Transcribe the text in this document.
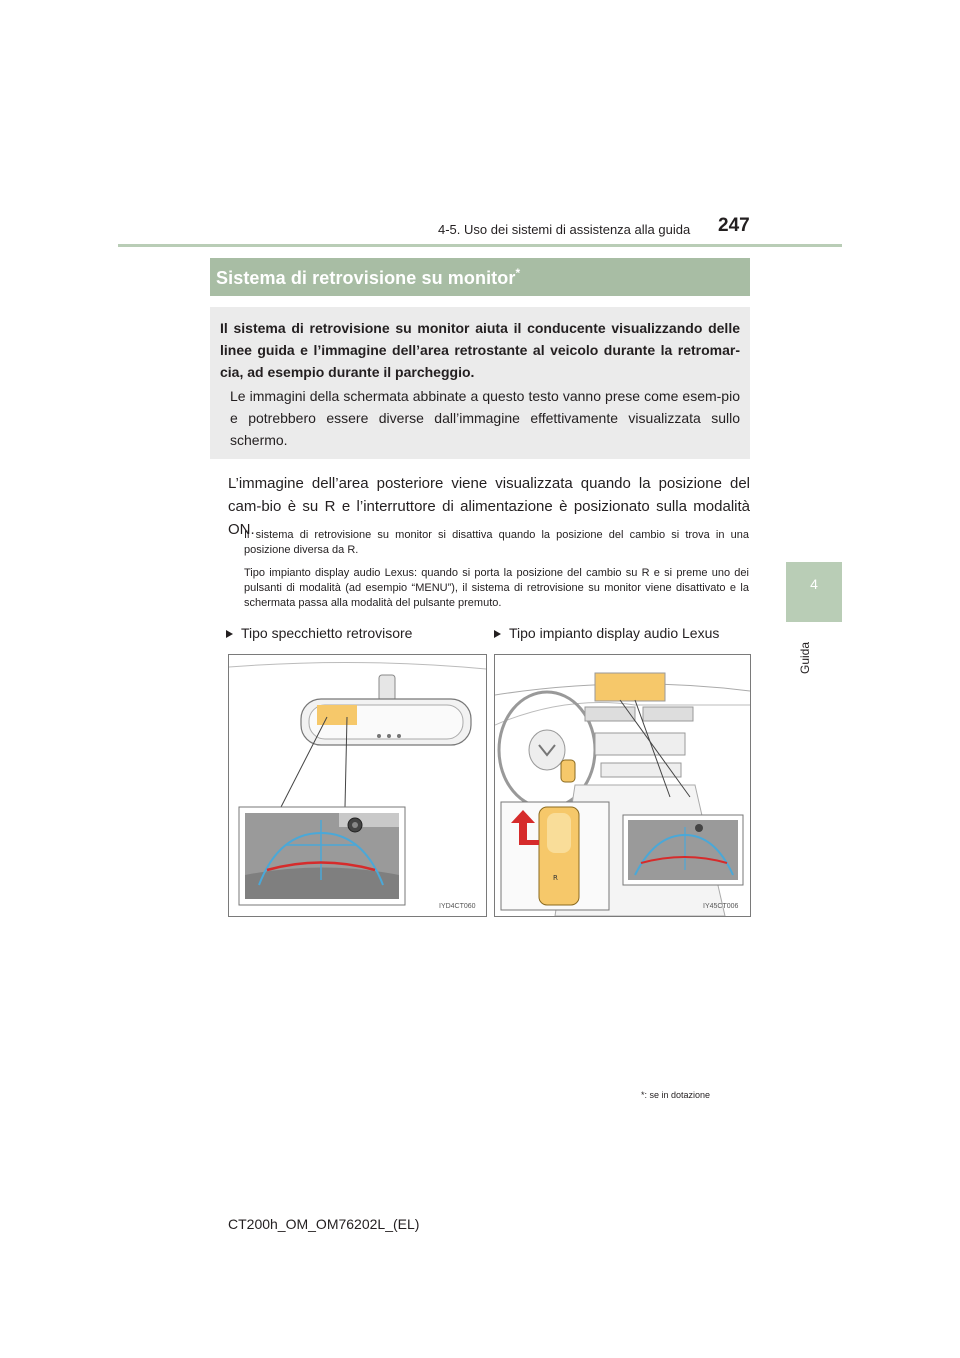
4-5. Uso dei sistemi di assistenza alla guida 247
4
Guida
Sistema di retrovisione su monitor*
Il sistema di retrovisione su monitor aiuta il conducente visualizzando delle linee guida e l’immagine dell’area retrostante al veicolo durante la retromar-cia, ad esempio durante il parcheggio.
Le immagini della schermata abbinate a questo testo vanno prese come esem-pio e potrebbero essere diverse dall’immagine effettivamente visualizzata sullo schermo.
L’immagine dell’area posteriore viene visualizzata quando la posizione del cam-bio è su R e l’interruttore di alimentazione è posizionato sulla modalità ON.
Il sistema di retrovisione su monitor si disattiva quando la posizione del cambio si trova in una posizione diversa da R.
Tipo impianto display audio Lexus: quando si porta la posizione del cambio su R e si preme uno dei pulsanti di modalità (ad esempio “MENU”), il sistema di retrovisione su monitor viene disattivato e la schermata passa alla modalità del pulsante premuto.
Tipo specchietto retrovisore	Tipo impianto display audio Lexus
IYD4CT060
R
IY45CT006
*: se in dotazione
CT200h_OM_OM76202L_(EL)
